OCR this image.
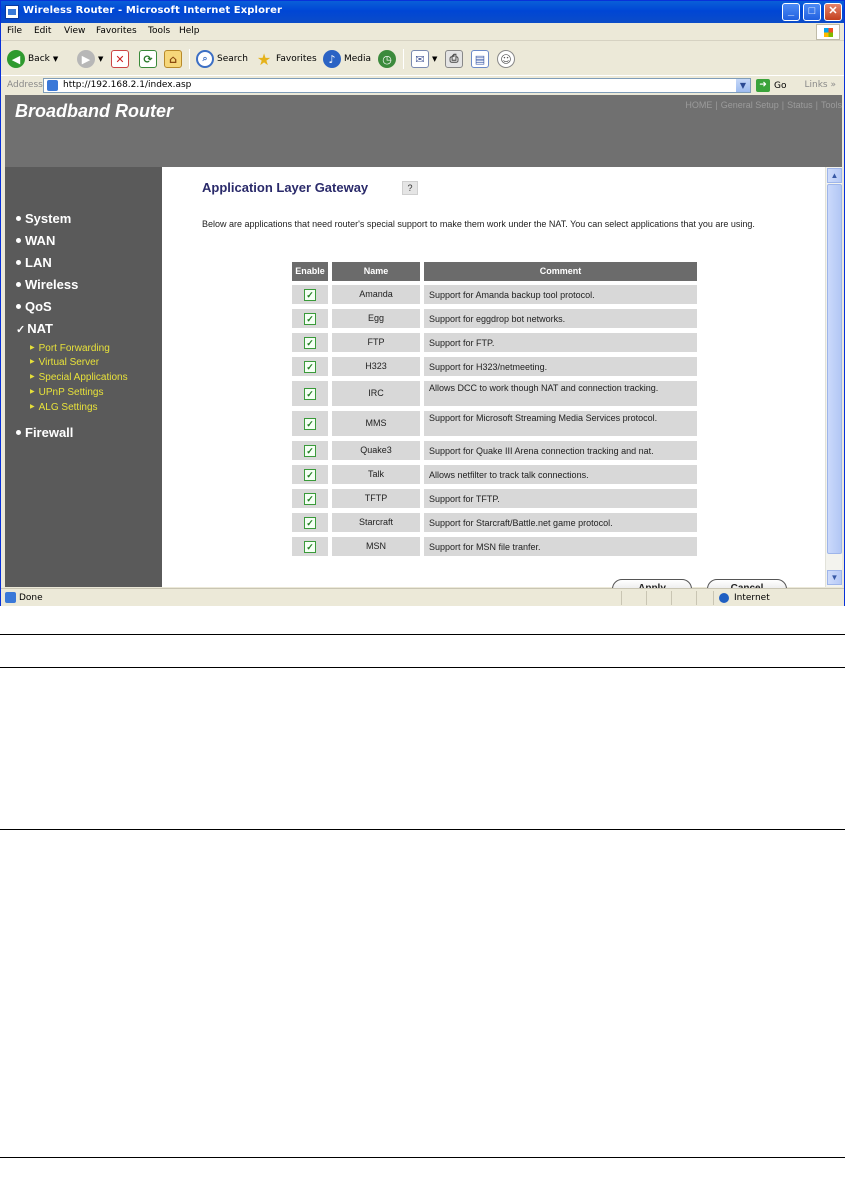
Wireless Router - Microsoft Internet Explorer	_	□	✕
File Edit View Favorites Tools Help
◀ Back ▼	▶	▼	✕	⟳	⌂	⌕	Search ★ Favorites	♪ Media	◷	✉	▼	⎙	▤	☺
Address http://192.168.2.1/index.asp	▼	➜ Go Links »
Broadband Router	HOME | General Setup | Status | Tools
System
WAN
LAN
Wireless
QoS
✓ NAT
▶ Port Forwarding
▶ Virtual Server
▶ Special Applications
▶ UPnP Settings
▶ ALG Settings
Firewall
Application Layer Gateway	?
Below are applications that need router's special support to make them work under the NAT. You can select applications that you are using.
Enable	Name	Comment
✓	Amanda	Support for Amanda backup tool protocol.
✓	Egg	Support for eggdrop bot networks.
✓	FTP	Support for FTP.
✓	H323	Support for H323/netmeeting.
✓	IRC	Allows DCC to work though NAT and connection tracking.
✓	MMS	Support for Microsoft Streaming Media Services protocol.
✓	Quake3	Support for Quake III Arena connection tracking and nat.
✓	Talk	Allows netfilter to track talk connections.
✓	TFTP	Support for TFTP.
✓	Starcraft	Support for Starcraft/Battle.net game protocol.
✓	MSN	Support for MSN file tranfer.
▲
▼
Done	Internet
